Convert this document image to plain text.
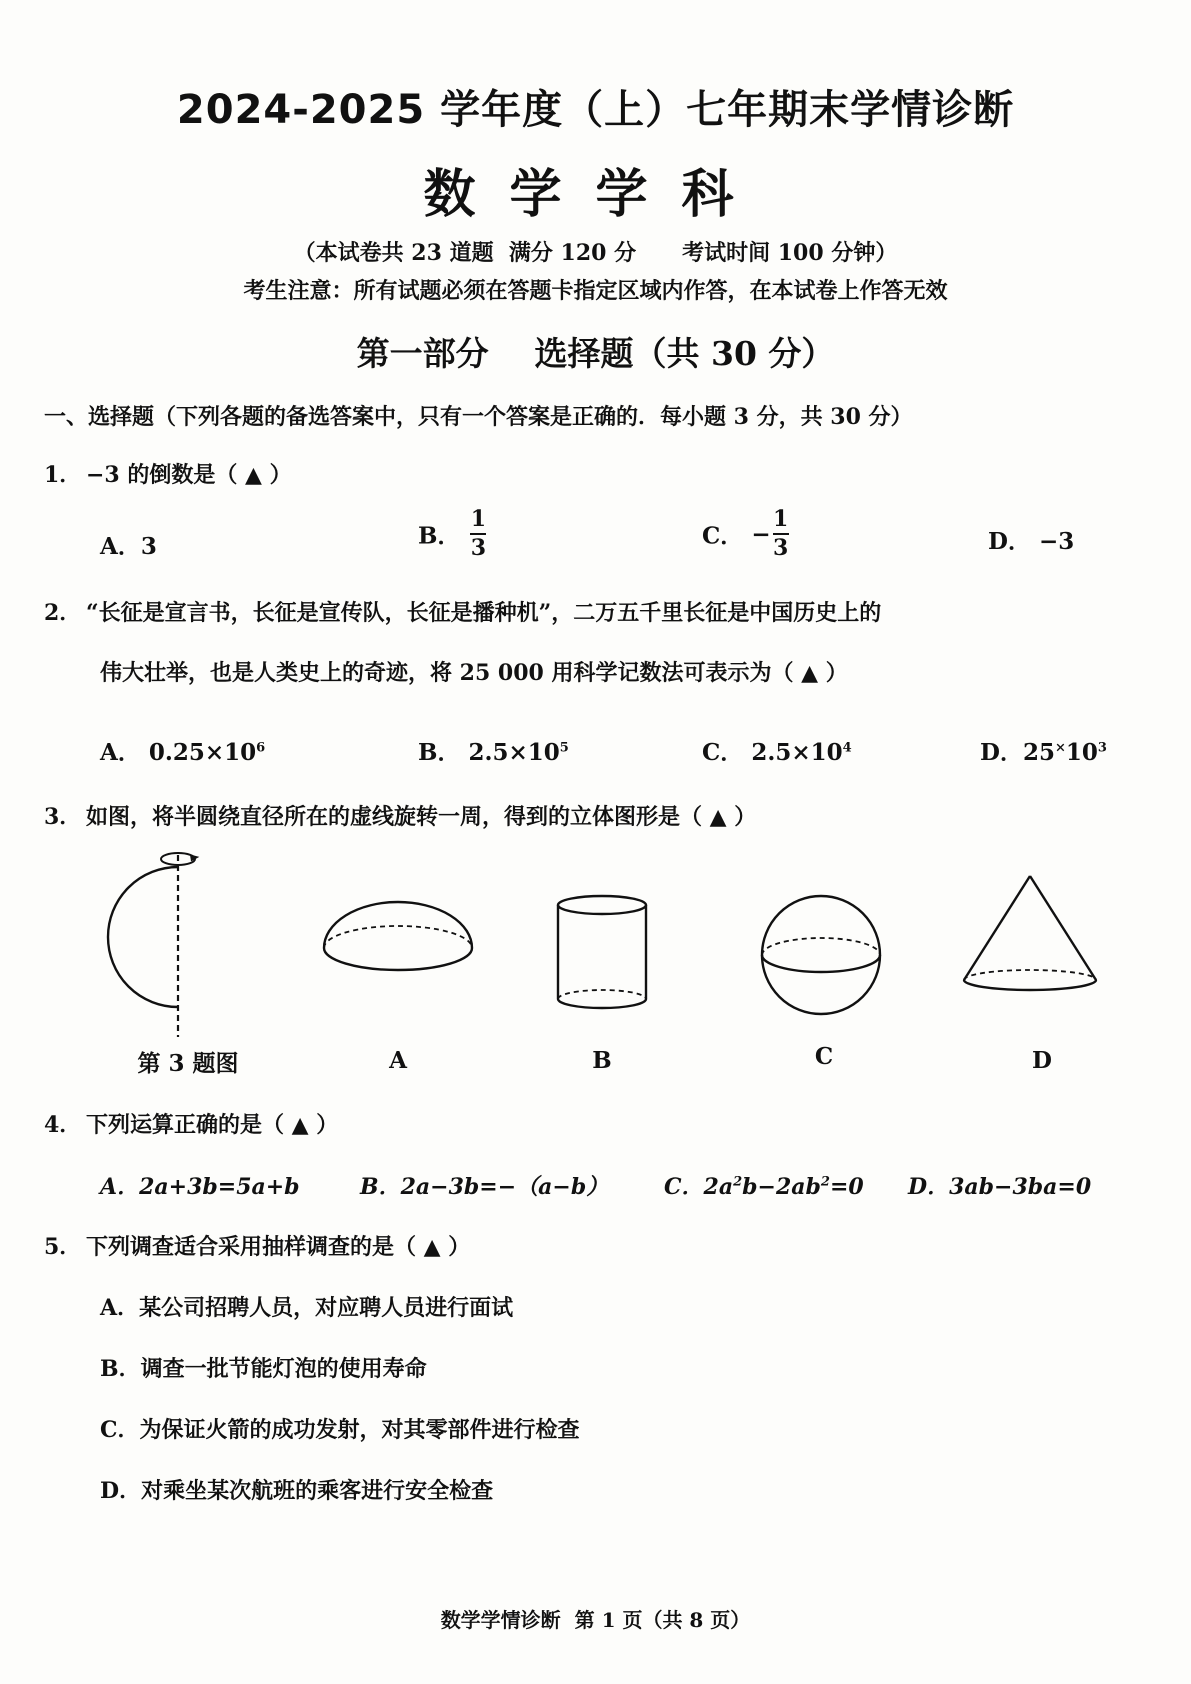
2024-2025 学年度（上）七年期末学情诊断
数学学科
（本试卷共 23 道题  满分 120 分      考试时间 100 分钟）
考生注意：所有试题必须在答题卡指定区域内作答，在本试卷上作答无效
第一部分    选择题（共 30 分）
一、选择题（下列各题的备选答案中，只有一个答案是正确的．每小题 3 分，共 30 分）
1． −3 的倒数是（ ▲ ）
A．3	B． $\frac{1}{3}$	C． − $\frac{1}{3}$	D． −3
2． “长征是宣言书，长征是宣传队，长征是播种机”，二万五千里长征是中国历史上的
伟大壮举，也是人类史上的奇迹，将 25 000 用科学记数法可表示为（ ▲ ）
A． $0.25\times 10^6$	B． $2.5\times 10^5$	C． $2.5\times 10^4$	D．$25^\times 10^3$
3． 如图，将半圆绕直径所在的虚线旋转一周，得到的立体图形是（ ▲ ）
第 3 题图	A	B	C	D
4． 下列运算正确的是（ ▲ ）
A．2a+3b=5a+b	B．2a−3b=−（a−b）	C．$2a^2b-2ab^2=0$ D．3ab−3ba=0
5． 下列调查适合采用抽样调查的是（ ▲ ）
A．某公司招聘人员，对应聘人员进行面试
B．调查一批节能灯泡的使用寿命
C．为保证火箭的成功发射，对其零部件进行检查
D．对乘坐某次航班的乘客进行安全检查
数学学情诊断  第 1 页（共 8 页）
